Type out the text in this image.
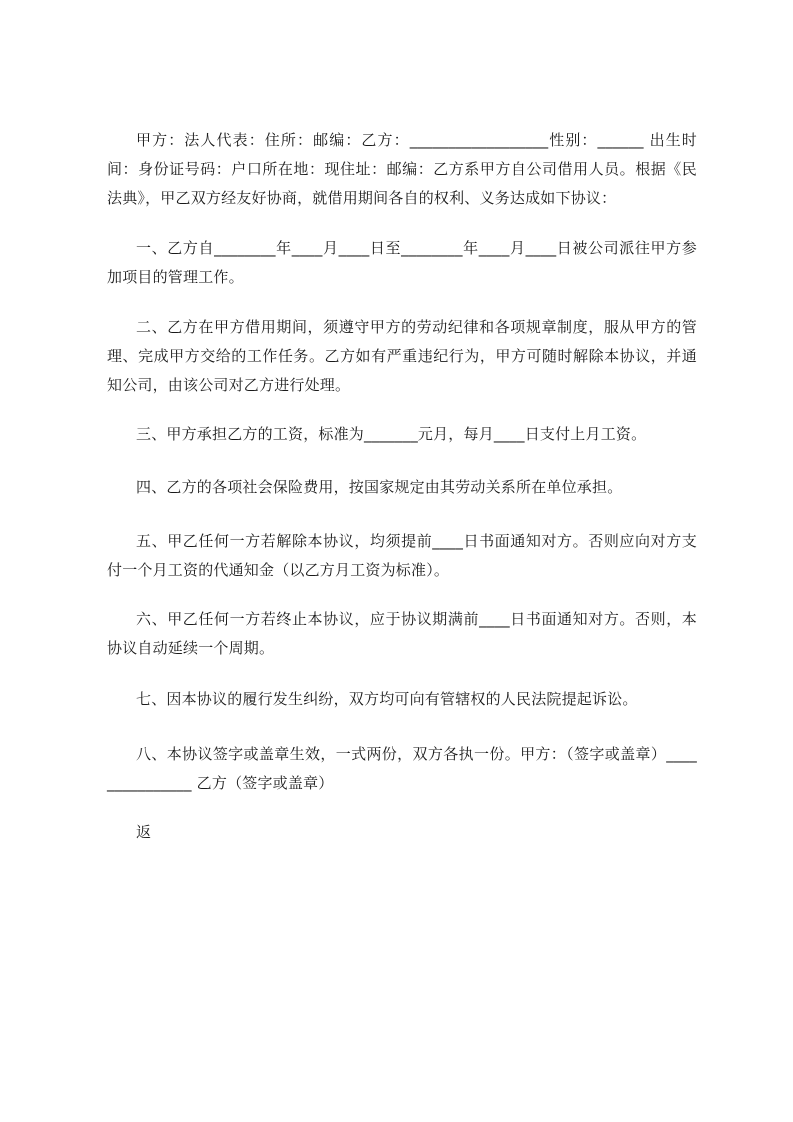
甲方：法人代表：住所：邮编：乙方：__________________性别：______ 出生时间：身份证号码：户口所在地：现住址：邮编：乙方系甲方自公司借用人员。根据《民法典》，甲乙双方经友好协商，就借用期间各自的权利、义务达成如下协议：

一、乙方自________年____月____日至________年____月____日被公司派往甲方参加项目的管理工作。

二、乙方在甲方借用期间，须遵守甲方的劳动纪律和各项规章制度，服从甲方的管理、完成甲方交给的工作任务。乙方如有严重违纪行为，甲方可随时解除本协议，并通知公司，由该公司对乙方进行处理。

三、甲方承担乙方的工资，标准为_______元月，每月____日支付上月工资。

四、乙方的各项社会保险费用，按国家规定由其劳动关系所在单位承担。

五、甲乙任何一方若解除本协议，均须提前____日书面通知对方。否则应向对方支付一个月工资的代通知金（以乙方月工资为标准）。

六、甲乙任何一方若终止本协议，应于协议期满前____日书面通知对方。否则，本协议自动延续一个周期。

七、因本协议的履行发生纠纷，双方均可向有管辖权的人民法院提起诉讼。

八、本协议签字或盖章生效，一式两份，双方各执一份。甲方：（签字或盖章）_______________ 乙方（签字或盖章）

返
